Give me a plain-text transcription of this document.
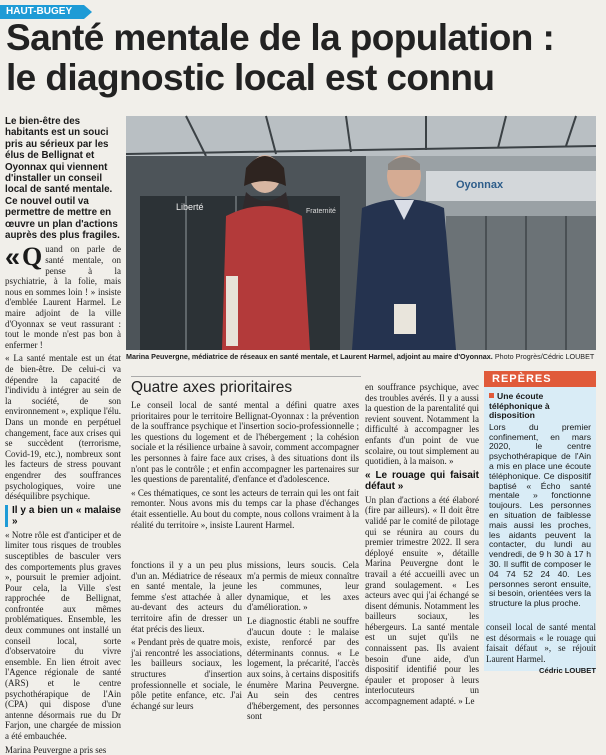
HAUT-BUGEY
Santé mentale de la population :
le diagnostic local est connu

Le bien-être des habitants est un souci pris au sérieux par les élus de Bellignat et Oyonnax qui viennent d'installer un conseil local de santé mentale. Ce nouvel outil va permettre de mettre en œuvre un plan d'actions auprès des plus fragiles.

« Q uand on parle de santé mentale, on pense à la psychiatrie, à la folie, mais nous en sommes loin ! » insiste d'emblée Laurent Harmel. Le maire adjoint de la ville d'Oyonnax se veut rassurant : tout le monde n'est pas bon à enfermer !

« La santé mentale est un état de bien-être. De celui-ci va dépendre la capacité de l'individu à intégrer au sein de la société, de son environnement », explique l'élu. Dans un monde en perpétuel changement, face aux crises qui se succèdent (terrorisme, Covid-19, etc.), nombreux sont les facteurs de stress pouvant engendrer des souffrances psychologiques, voire une déséquilibre psychique.

Il y a bien un « malaise »

« Notre rôle est d'anticiper et de limiter tous risques de troubles susceptibles de basculer vers des comportements plus graves », poursuit le premier adjoint. Pour cela, la Ville s'est rapprochée de Bellignat, confrontée aux mêmes problématiques. Ensemble, les deux communes ont installé un conseil local, sorte d'observatoire du vivre ensemble. En lien étroit avec l'Agence régionale de santé (ARS) et le centre psychothérapique de l'Ain (CPA) qui dispose d'une antenne désormais rue du Dr Farjon, une chargée de mission a été embauchée.

Marina Peuvergne a pris ses

Liberté	Fraternité
Oyonnax
Marina Peuvergne, médiatrice de réseaux en santé mentale, et Laurent Harmel, adjoint au maire d'Oyonnax. Photo Progrès/Cédric LOUBET
Quatre axes prioritaires

Le conseil local de santé mental a défini quatre axes prioritaires pour le territoire Bellignat-Oyonnax : la prévention de la souffrance psychique et l'insertion socio-professionnelle ; les questions du logement et de l'hébergement ; la cohésion sociale et la résilience urbaine à savoir, comment accompagner les personnes à faire face aux crises, à des situations dont ils n'ont pas le contrôle ; et enfin accompagner les partenaires sur les questions de parentalité, d'enfance et d'adolescence.

« Ces thématiques, ce sont les acteurs de terrain qui les ont fait remonter. Nous avons mis du temps car la phase d'échanges était essentielle. Au bout du compte, nous collons vraiment à la réalité du territoire », insiste Laurent Harmel.

fonctions il y a un peu plus d'un an. Médiatrice de réseaux en santé mentale, la jeune femme s'est attachée à aller au-devant des acteurs du territoire afin de dresser un état précis des lieux.

« Pendant près de quatre mois, j'ai rencontré les associations, les bailleurs sociaux, les structures d'insertion professionnelle et sociale, le pôle petite enfance, etc. J'ai échangé sur leurs

missions, leurs soucis. Cela m'a permis de mieux connaître les communes, leur dynamique, et les axes d'amélioration. »

Le diagnostic établi ne souffre d'aucun doute : le malaise existe, renforcé par des déterminants connus. « Le logement, la précarité, l'accès aux soins, à certains dispositifs énumère Marina Peuvergne. Au sein des centres d'hébergement, des personnes sont

en souffrance psychique, avec des troubles avérés. Il y a aussi la question de la parentalité qui revient souvent. Notamment la difficulté à accompagner les enfants d'un point de vue scolaire, ou tout simplement au quotidien, à la maison. »

« Le rouage qui faisait défaut »

Un plan d'actions a été élaboré (fire par ailleurs). « Il doit être validé par le comité de pilotage qui se réunira au cours du premier trimestre 2022. Il sera déployé ensuite », détaille Marina Peuvergne dont le travail a été accueilli avec un grand soulagement. « Les acteurs avec qui j'ai échangé se disent démunis. Notamment les bailleurs sociaux, les hébergeurs. La santé mentale est un sujet qu'ils ne connaissent pas. Ils avaient besoin d'une aide, d'un dispositif identifié pour les épauler et proposer à leurs interlocuteurs un accompagnement adapté. » Le

REPÈRES
Une écoute téléphonique à disposition
Lors du premier confinement, en mars 2020, le centre psychothérapique de l'Ain a mis en place une écoute téléphonique. Ce dispositif baptisé « Écho santé mentale » fonctionne toujours. Les personnes en situation de faiblesse mais aussi les proches, les aidants peuvent la contacter, du lundi au vendredi, de 9 h 30 à 17 h 30. Il suffit de composer le 04 74 52 24 40. Les personnes seront ensuite, si besoin, orientées vers la structure la plus proche.

conseil local de santé mental est désormais « le rouage qui faisait défaut », se réjouit Laurent Harmel.

Cédric LOUBET
